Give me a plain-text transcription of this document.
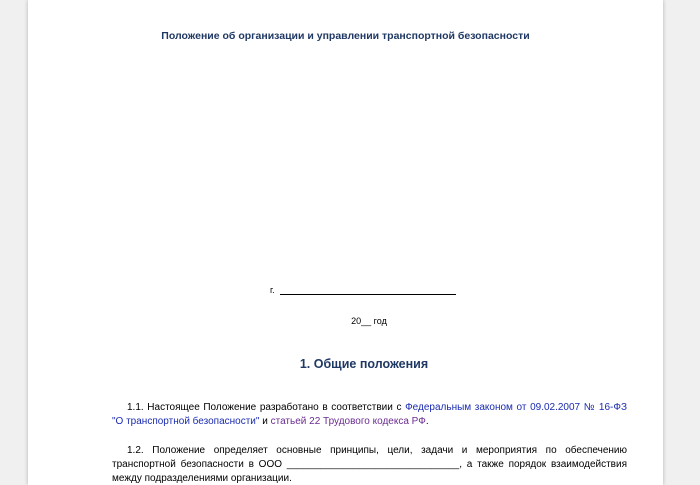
Положение об организации и управлении транспортной безопасности
г.
20__ год
1. Общие положения
1.1. Настоящее Положение разработано в соответствии с Федеральным законом от 09.02.2007 № 16-ФЗ "О транспортной безопасности" и статьей 22 Трудового кодекса РФ.
1.2. Положение определяет основные принципы, цели, задачи и мероприятия по обеспечению транспортной безопасности в ООО _______________________________, а также порядок взаимодействия между подразделениями организации.
